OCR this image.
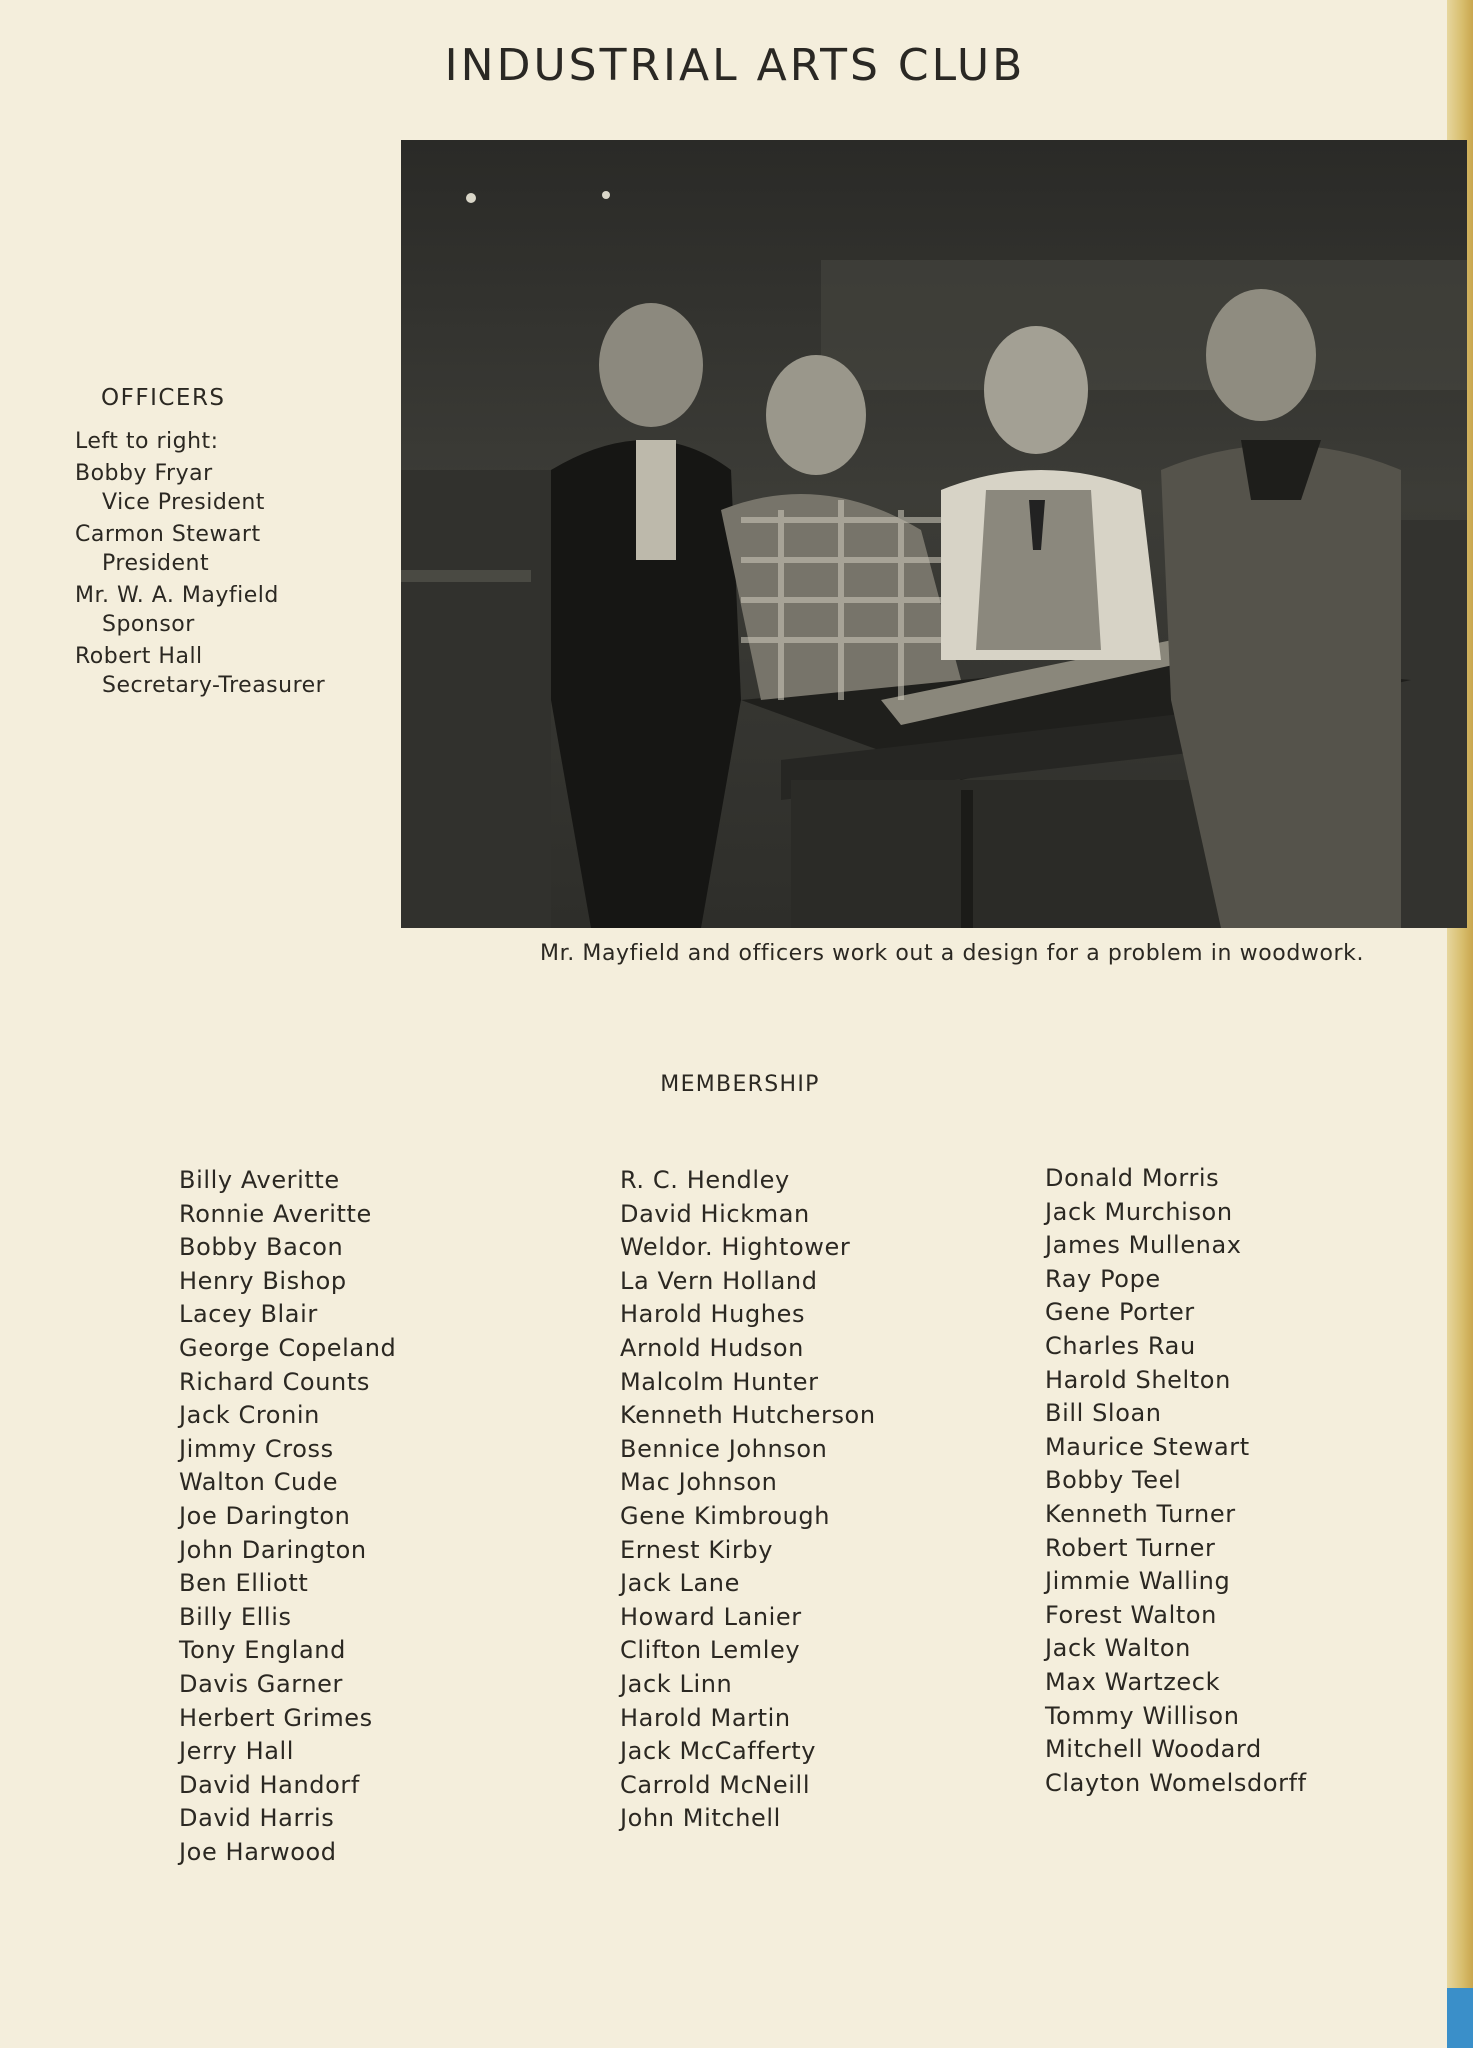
INDUSTRIAL ARTS CLUB
Mr. Mayfield and officers work out a design for a problem in woodwork.
OFFICERS
Left to right:
Bobby Fryar
Vice President
Carmon Stewart
President
Mr. W. A. Mayfield
Sponsor
Robert Hall
Secretary-Treasurer
MEMBERSHIP
Billy Averitte
Ronnie Averitte
Bobby Bacon
Henry Bishop
Lacey Blair
George Copeland
Richard Counts
Jack Cronin
Jimmy Cross
Walton Cude
Joe Darington
John Darington
Ben Elliott
Billy Ellis
Tony England
Davis Garner
Herbert Grimes
Jerry Hall
David Handorf
David Harris
Joe Harwood
R. C. Hendley
David Hickman
Weldor. Hightower
La Vern Holland
Harold Hughes
Arnold Hudson
Malcolm Hunter
Kenneth Hutcherson
Bennice Johnson
Mac Johnson
Gene Kimbrough
Ernest Kirby
Jack Lane
Howard Lanier
Clifton Lemley
Jack Linn
Harold Martin
Jack McCafferty
Carrold McNeill
John Mitchell
Donald Morris
Jack Murchison
James Mullenax
Ray Pope
Gene Porter
Charles Rau
Harold Shelton
Bill Sloan
Maurice Stewart
Bobby Teel
Kenneth Turner
Robert Turner
Jimmie Walling
Forest Walton
Jack Walton
Max Wartzeck
Tommy Willison
Mitchell Woodard
Clayton Womelsdorff
